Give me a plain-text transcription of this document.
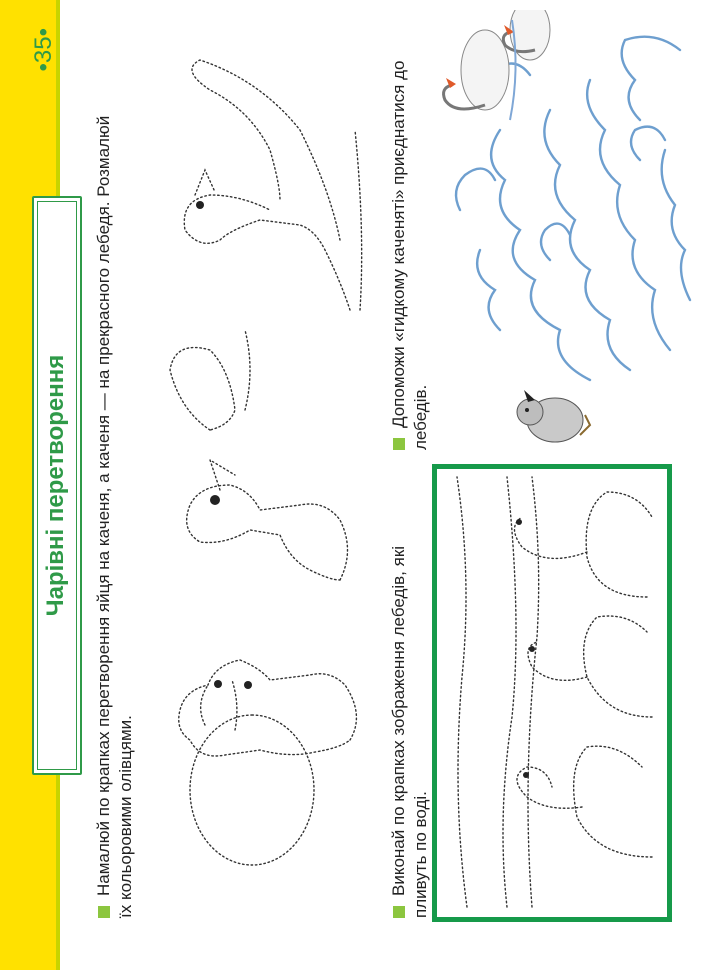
Чарівні перетворення
•35•
Намалюй по крапках перетворення яйця на каченя, а каченя — на прекрасного лебедя. Розмалюй їх кольоровими олівцями.	Виконай по крапках зображення лебедів, які пливуть по воді.
Допоможи «гидкому каченяті» приєднатися до лебедів.
